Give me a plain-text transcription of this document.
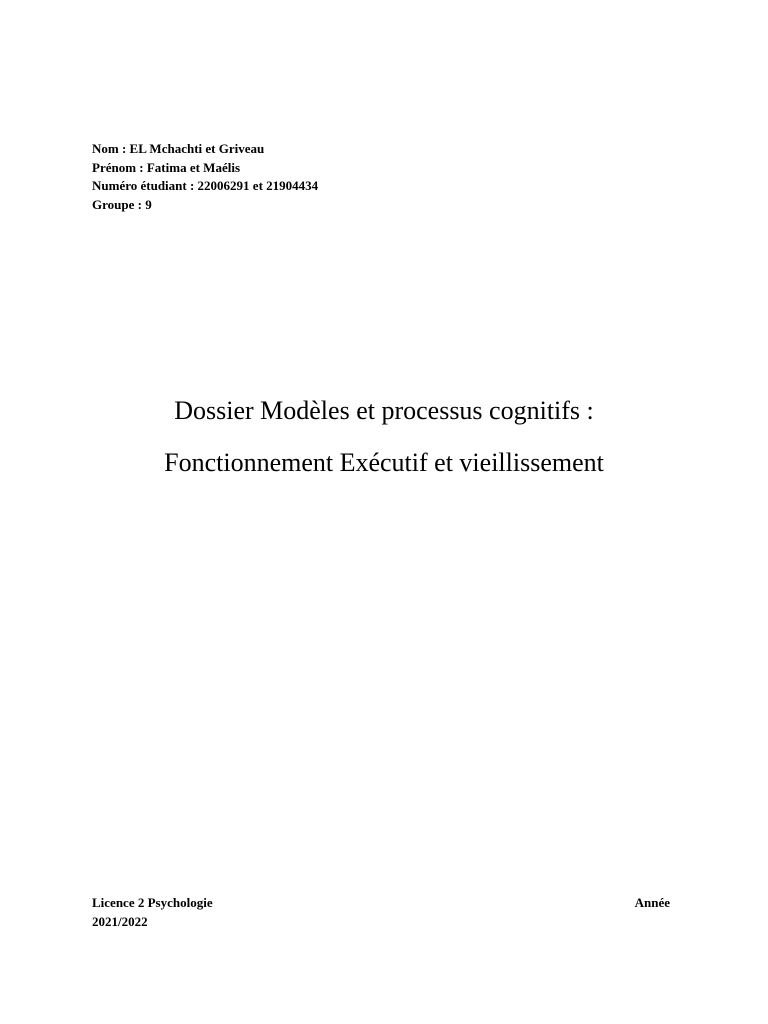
Nom : EL Mchachti et Griveau
Prénom : Fatima et Maélis
Numéro étudiant : 22006291 et 21904434
Groupe : 9
Dossier Modèles et processus cognitifs :
Fonctionnement Exécutif et vieillissement
Licence 2 Psychologie	Année
2021/2022
